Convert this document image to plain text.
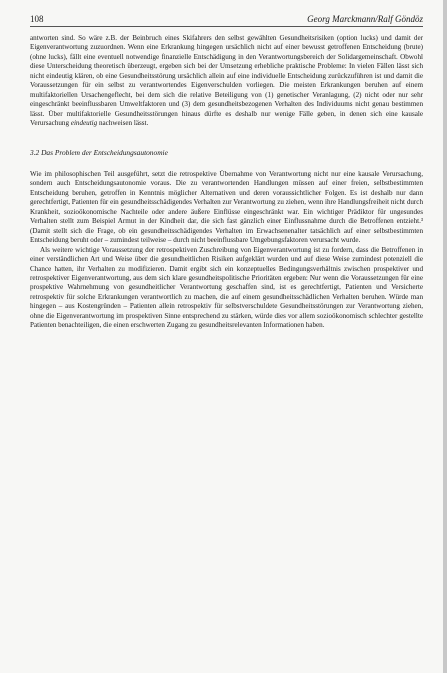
108	Georg Marckmann/Ralf Göndöz

antworten sind. So wäre z.B. der Beinbruch eines Skifahrers den selbst gewählten Gesundheitsrisiken (option lucks) und damit der Eigenverantwortung zuzuordnen. Wenn eine Erkrankung hingegen ursächlich nicht auf einer bewusst getroffenen Entscheidung (brute) (ohne lucks), fällt eine eventuell notwendige finanzielle Entschädigung in den Verantwortungsbereich der Solidargemeinschaft. Obwohl diese Unterscheidung theoretisch überzeugt, ergeben sich bei der Umsetzung erhebliche praktische Probleme: In vielen Fällen lässt sich nicht eindeutig klären, ob eine Gesundheitsstörung ursächlich allein auf eine individuelle Entscheidung zurückzuführen ist und damit die Voraussetzungen für ein selbst zu verantwortendes Eigenverschulden vorliegen. Die meisten Erkrankungen beruhen auf einem multifaktoriellen Ursachengeflecht, bei dem sich die relative Beteiligung von (1) genetischer Veranlagung, (2) nicht oder nur sehr eingeschränkt beeinflussbaren Umweltfaktoren und (3) dem gesundheitsbezogenen Verhalten des Individuums nicht genau bestimmen lässt. Über multifaktorielle Gesundheitsstörungen hinaus dürfte es deshalb nur wenige Fälle geben, in denen sich eine kausale Verursachung eindeutig nachweisen lässt.

3.2 Das Problem der Entscheidungsautonomie

Wie im philosophischen Teil ausgeführt, setzt die retrospektive Übernahme von Verantwortung nicht nur eine kausale Verursachung, sondern auch Entscheidungsautonomie voraus. Die zu verantwortenden Handlungen müssen auf einer freien, selbstbestimmten Entscheidung beruhen, getroffen in Kenntnis möglicher Alternativen und deren voraussichtlicher Folgen. Es ist deshalb nur dann gerechtfertigt, Patienten für ein gesundheitsschädigendes Verhalten zur Verantwortung zu ziehen, wenn ihre Handlungsfreiheit nicht durch Krankheit, sozioökonomische Nachteile oder andere äußere Einflüsse eingeschränkt war. Ein wichtiger Prädiktor für ungesundes Verhalten stellt zum Beispiel Armut in der Kindheit dar, die sich fast gänzlich einer Einflussnahme durch die Betroffenen entzieht.³ (Damit stellt sich die Frage, ob ein gesundheitsschädigendes Verhalten im Erwachsenenalter tatsächlich auf einer selbstbestimmten Entscheidung beruht oder – zumindest teilweise – durch nicht beeinflussbare Umgebungsfaktoren verursacht wurde.

Als weitere wichtige Voraussetzung der retrospektiven Zuschreibung von Eigenverantwortung ist zu fordern, dass die Betroffenen in einer verständlichen Art und Weise über die gesundheitlichen Risiken aufgeklärt wurden und auf diese Weise zumindest potenziell die Chance hatten, ihr Verhalten zu modifizieren. Damit ergibt sich ein konzeptuelles Bedingungsverhältnis zwischen prospektiver und retrospektiver Eigenverantwortung, aus dem sich klare gesundheitspolitische Prioritäten ergeben: Nur wenn die Voraussetzungen für eine prospektive Wahrnehmung von gesundheitlicher Verantwortung geschaffen sind, ist es gerechtfertigt, Patienten und Versicherte retrospektiv für solche Erkrankungen verantwortlich zu machen, die auf einem gesundheitsschädlichen Verhalten beruhen. Würde man hingegen – aus Kostengründen – Patienten allein retrospektiv für selbstverschuldete Gesundheitsstörungen zur Verantwortung ziehen, ohne die Eigenverantwortung im prospektiven Sinne entsprechend zu stärken, würde dies vor allem sozioökonomisch schlechter gestellte Patienten benachteiligen, die einen erschwerten Zugang zu gesundheitsrelevanten Informationen haben.
